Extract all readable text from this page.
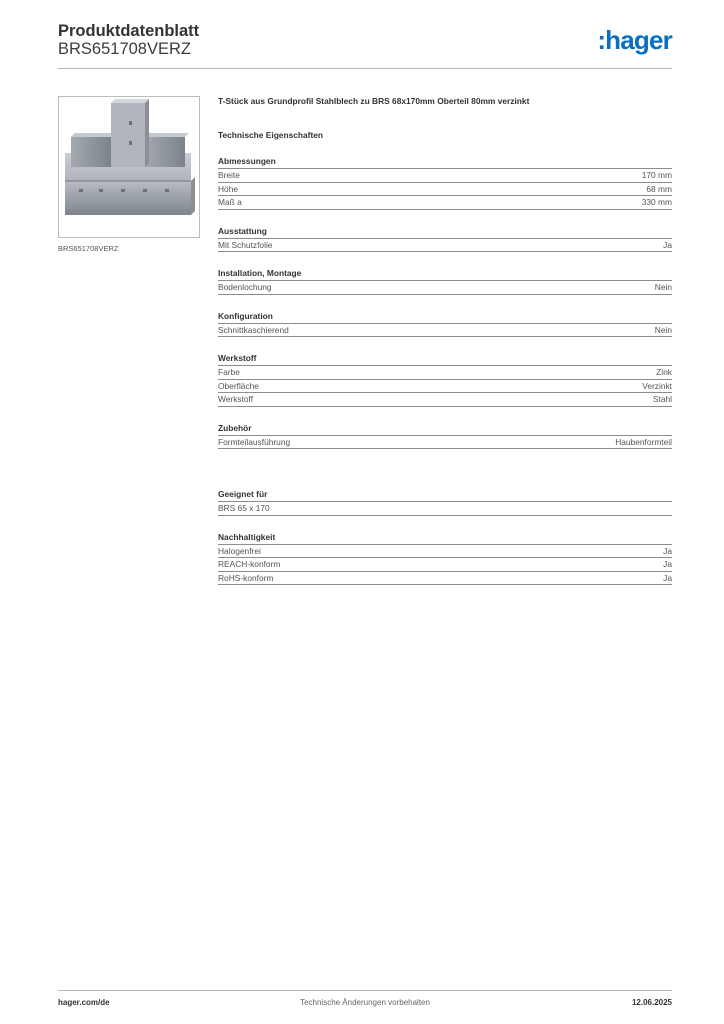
Produktdatenblatt
BRS651708VERZ	:hager
BRS651708VERZ
T-Stück aus Grundprofil Stahlblech zu BRS 68x170mm Oberteil 80mm verzinkt
Technische Eigenschaften
Abmessungen
Breite	170 mm
Höhe	68 mm
Maß a	330 mm
Ausstattung
Mit Schutzfolie	Ja
Installation, Montage
Bodenlochung	Nein
Konfiguration
Schnittkaschierend	Nein
Werkstoff
Farbe	Zink
Oberfläche	Verzinkt
Werkstoff	Stahl
Zubehör
Formteilausführung	Haubenformteil
Geeignet für
BRS 65 x 170
Nachhaltigkeit
Halogenfrei	Ja
REACH-konform	Ja
RoHS-konform	Ja
hager.com/de	Technische Änderungen vorbehalten	12.06.2025
